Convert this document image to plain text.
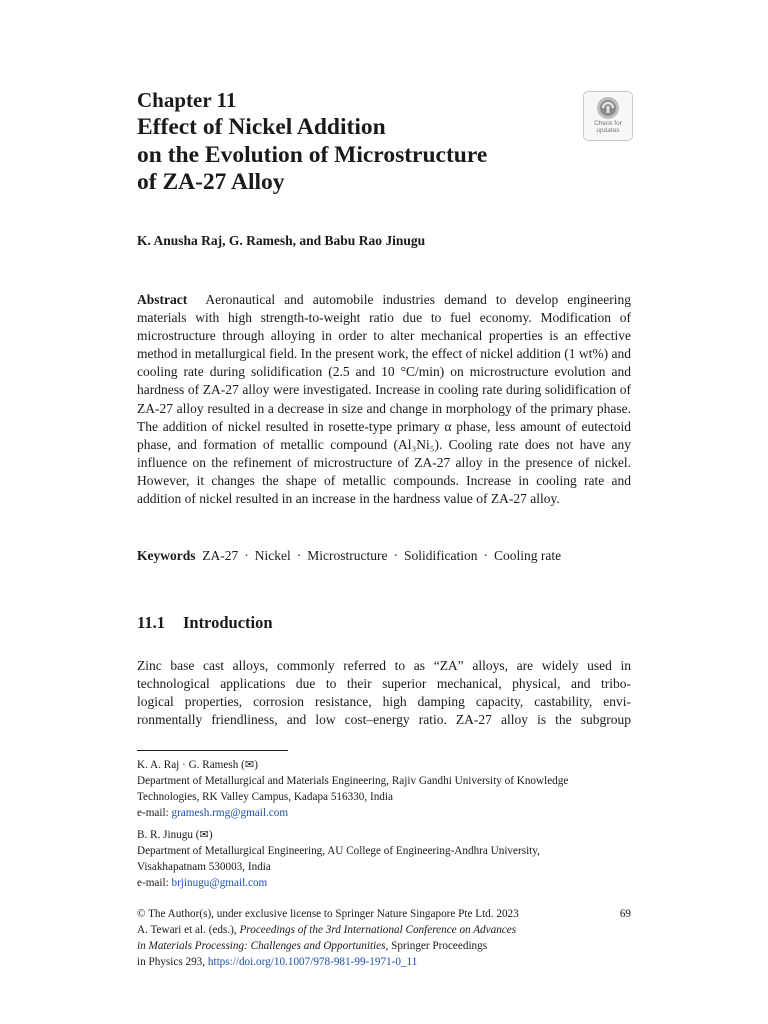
Chapter 11
Effect of Nickel Addition
on the Evolution of Microstructure
of ZA-27 Alloy
Check for
updates
K. Anusha Raj, G. Ramesh, and Babu Rao Jinugu
Abstract Aeronautical and automobile industries demand to develop engineering materials with high strength-to-weight ratio due to fuel economy. Modification of microstructure through alloying in order to alter mechanical properties is an effective method in metallurgical field. In the present work, the effect of nickel addition (1 wt%) and cooling rate during solidification (2.5 and 10 °C/min) on microstructure evolution and hardness of ZA-27 alloy were investigated. Increase in cooling rate during solidification of ZA-27 alloy resulted in a decrease in size and change in morphology of the primary phase. The addition of nickel resulted in rosette-type primary α phase, less amount of eutectoid phase, and formation of metallic compound (Al₃Ni₅). Cooling rate does not have any influence on the refinement of microstructure of ZA-27 alloy in the presence of nickel. However, it changes the shape of metallic compounds. Increase in cooling rate and addition of nickel resulted in an increase in the hardness value of ZA-27 alloy.
Keywords ZA-27 · Nickel · Microstructure · Solidification · Cooling rate
11.1 Introduction
Zinc base cast alloys, commonly referred to as “ZA” alloys, are widely used in
technological applications due to their superior mechanical, physical, and tribo-
logical properties, corrosion resistance, high damping capacity, castability, envi-
ronmentally friendliness, and low cost–energy ratio. ZA-27 alloy is the subgroup
K. A. Raj · G. Ramesh (✉)
Department of Metallurgical and Materials Engineering, Rajiv Gandhi University of Knowledge
Technologies, RK Valley Campus, Kadapa 516330, India
e-mail: gramesh.rmg@gmail.com
B. R. Jinugu (✉)
Department of Metallurgical Engineering, AU College of Engineering-Andhra University,
Visakhapatnam 530003, India
e-mail: brjinugu@gmail.com
© The Author(s), under exclusive license to Springer Nature Singapore Pte Ltd. 2023	69
A. Tewari et al. (eds.), Proceedings of the 3rd International Conference on Advances
in Materials Processing: Challenges and Opportunities, Springer Proceedings
in Physics 293, https://doi.org/10.1007/978-981-99-1971-0_11
